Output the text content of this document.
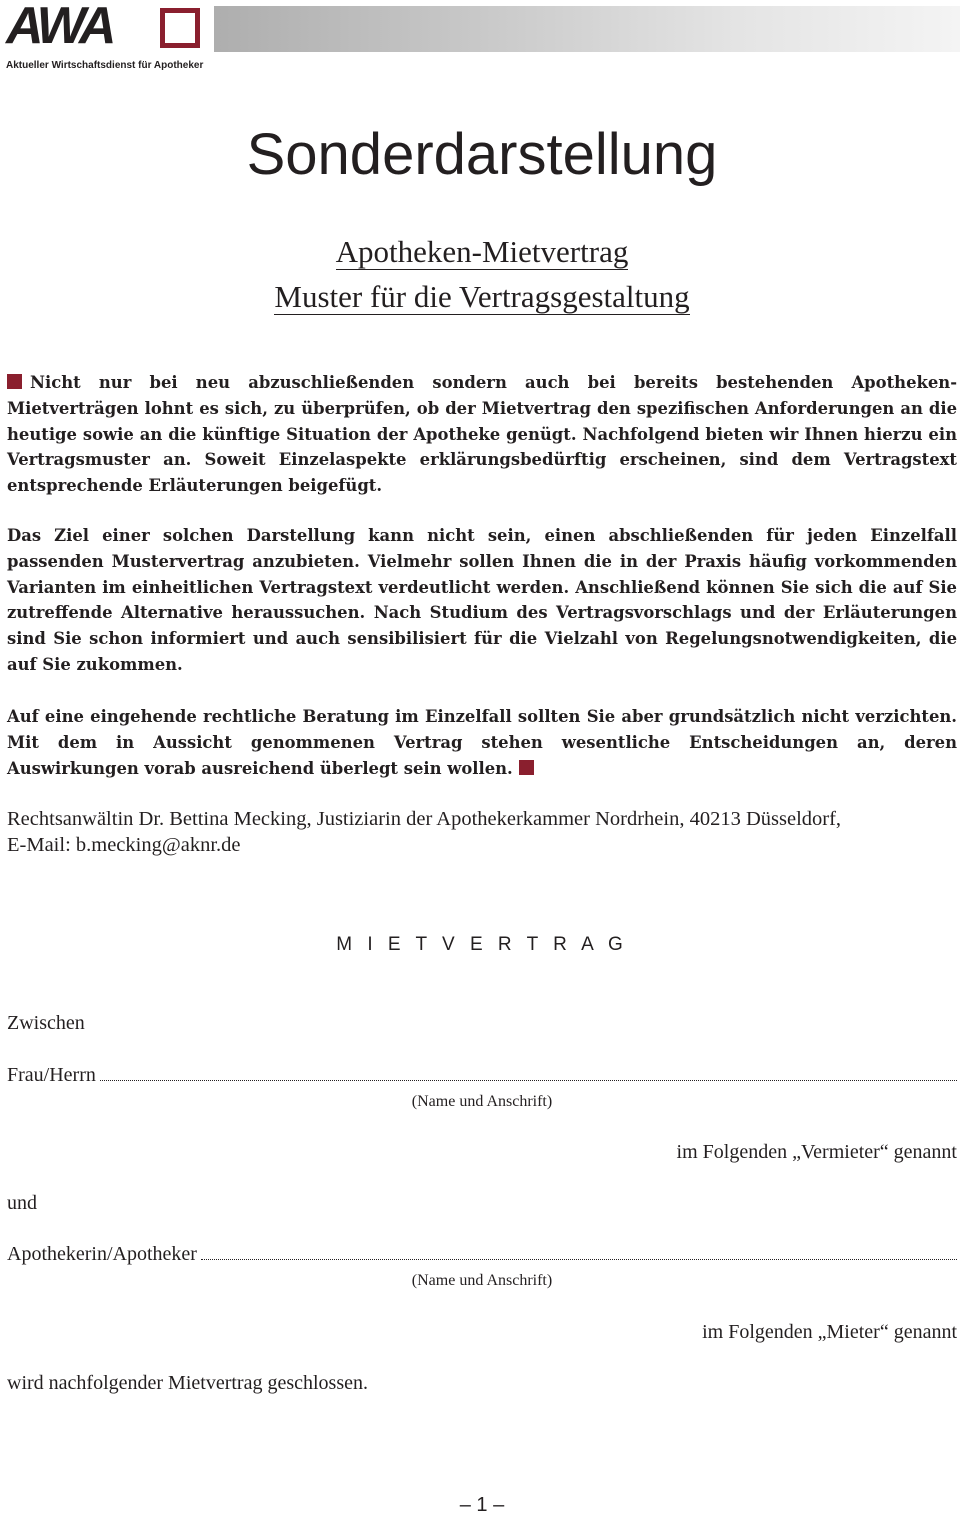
AWA
Aktueller Wirtschaftsdienst für Apotheker
Sonderdarstellung
Apotheken-Mietvertrag
Muster für die Vertragsgestaltung

Nicht nur bei neu abzuschließenden sondern auch bei bereits bestehenden Apotheken-Mietverträgen lohnt es sich, zu überprüfen, ob der Mietvertrag den spezifischen Anforderungen an die heutige sowie an die künftige Situation der Apotheke genügt. Nachfolgend bieten wir Ihnen hierzu ein Vertragsmuster an. Soweit Einzelaspekte erklärungsbedürftig erscheinen, sind dem Vertragstext entsprechende Erläuterungen beigefügt.

Das Ziel einer solchen Darstellung kann nicht sein, einen abschließenden für jeden Einzelfall passenden Mustervertrag anzubieten. Vielmehr sollen Ihnen die in der Praxis häufig vorkommenden Varianten im einheitlichen Vertragstext verdeutlicht werden. Anschließend können Sie sich die auf Sie zutreffende Alternative heraussuchen. Nach Studium des Vertragsvorschlags und der Erläuterungen sind Sie schon informiert und auch sensibilisiert für die Vielzahl von Regelungsnotwendigkeiten, die auf Sie zukommen.

Auf eine eingehende rechtliche Beratung im Einzelfall sollten Sie aber grundsätzlich nicht verzichten. Mit dem in Aussicht genommenen Vertrag stehen wesentliche Entscheidungen an, deren Auswirkungen vorab ausreichend überlegt sein wollen.

Rechtsanwältin Dr. Bettina Mecking, Justiziarin der Apothekerkammer Nordrhein, 40213 Düsseldorf,
E-Mail: b.mecking@aknr.de

M I E T V E R T R A G
Zwischen
Frau/Herrn
(Name und Anschrift)
im Folgenden „Vermieter“ genannt
und
Apothekerin/Apotheker
(Name und Anschrift)
im Folgenden „Mieter“ genannt
wird nachfolgender Mietvertrag geschlossen.
– 1 –
